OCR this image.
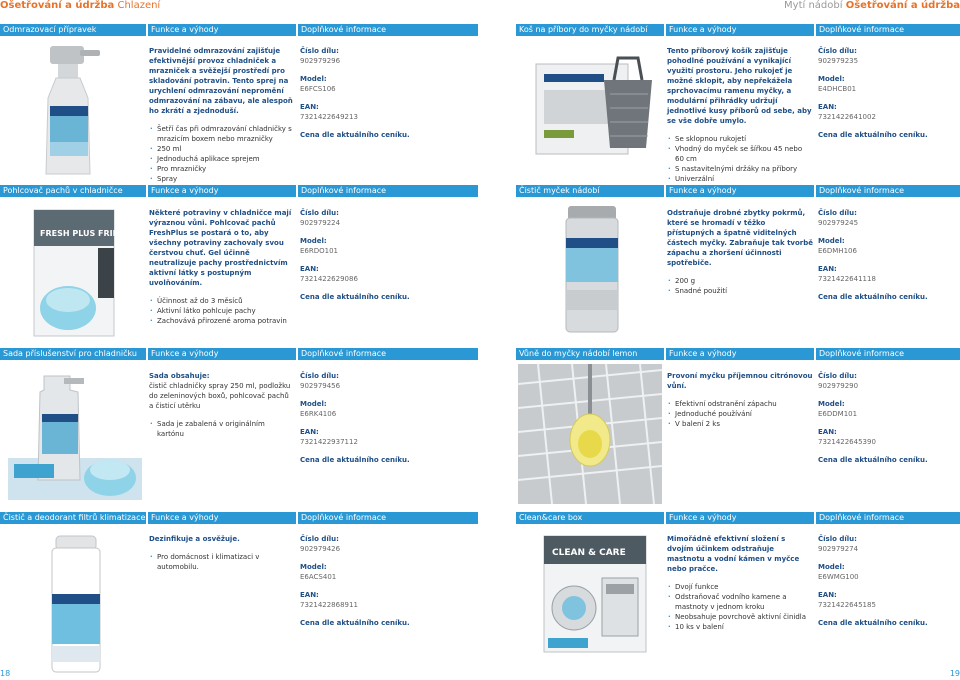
Ošetřování a údržba Chlazení	Mytí nádobí Ošetřování a údržba
Odmrazovací přípravek	Funkce a výhody	Doplňkové informace	Koš na příbory do myčky nádobí	Funkce a výhody	Doplňkové informace
Pravidelné odmrazování zajišťuje efektivnější provoz chladniček a mrazniček a svěžejší prostředí pro skladování potravin. Tento sprej na urychlení odmrazování nepromění odmrazování na zábavu, ale alespoň ho zkrátí a zjednoduší.
· Šetří čas při odmrazování chladničky s mrazicím boxem nebo mrazničky
· 250 ml
· Jednoduchá aplikace sprejem
· Pro mrazničky
· Spray
Číslo dílu:
902979296
Model:
E6FCS106
EAN:
7321422649213
Cena dle aktuálního ceníku.
Tento příborový košík zajišťuje pohodlné používání a vynikající využití prostoru. Jeho rukojeť je možné sklopit, aby nepřekážela sprchovacímu ramenu myčky, a modulární přihrádky udržují jednotlivé kusy příborů od sebe, aby se vše dobře umylo.
· Se sklopnou rukojetí
· Vhodný do myček se šířkou 45 nebo 60 cm
· S nastavitelnými držáky na příbory
· Univerzální
Číslo dílu:
902979235
Model:
E4DHCB01
EAN:
7321422641002
Cena dle aktuálního ceníku.
Pohlcovač pachů v chladničce	Funkce a výhody	Doplňkové informace	Čistič myček nádobí	Funkce a výhody	Doplňkové informace
FRESH PLUS FRIDGE
Některé potraviny v chladničce mají výraznou vůni. Pohlcovač pachů FreshPlus se postará o to, aby všechny potraviny zachovaly svou čerstvou chuť. Gel účinně neutralizuje pachy prostřednictvím aktivní látky s postupným uvolňováním.
· Účinnost až do 3 měsíců
· Aktivní látko pohlcuje pachy
· Zachovává přirozené aroma potravin
Číslo dílu:
902979224
Model:
E6RDO101
EAN:
7321422629086
Cena dle aktuálního ceníku.
Odstraňuje drobné zbytky pokrmů, které se hromadí v těžko přístupných a špatně viditelných částech myčky. Zabraňuje tak tvorbě zápachu a zhoršení účinnosti spotřebiče.
· 200 g
· Snadné použití
Číslo dílu:
902979245
Model:
E6DMH106
EAN:
7321422641118
Cena dle aktuálního ceníku.
Sada příslušenství pro chladničku Funkce a výhody	Doplňkové informace	Vůně do myčky nádobí lemon	Funkce a výhody	Doplňkové informace
Sada obsahuje:
čistič chladničky spray 250 ml, podložku do zeleninových boxů, pohlcovač pachů a čisticí utěrku
· Sada je zabalená v originálním kartónu
Číslo dílu:
902979456
Model:
E6RK4106
EAN:
7321422937112
Cena dle aktuálního ceníku.
Provoní myčku příjemnou citrónovou vůní.
· Efektivní odstranění zápachu
· Jednoduché používání
· V balení 2 ks
Číslo dílu:
902979290
Model:
E6DDM101
EAN:
7321422645390
Cena dle aktuálního ceníku.
Čistič a deodorant filtrů klimatizace Funkce a výhody	Doplňkové informace	Clean&care box	Funkce a výhody	Doplňkové informace
Dezinfikuje a osvěžuje.
· Pro domácnost i klimatizaci v automobilu.
Číslo dílu:
902979426
Model:
E6ACS401
EAN:
7321422868911
Cena dle aktuálního ceníku.
CLEAN & CARE
Mimořádně efektivní složení s dvojím účinkem odstraňuje mastnotu a vodní kámen v myčce nebo pračce.
· Dvojí funkce
· Odstraňovač vodního kamene a mastnoty v jednom kroku
· Neobsahuje povrchově aktivní činidla
· 10 ks v balení
Číslo dílu:
902979274
Model:
E6WMG100
EAN:
7321422645185
Cena dle aktuálního ceníku.
18	19
